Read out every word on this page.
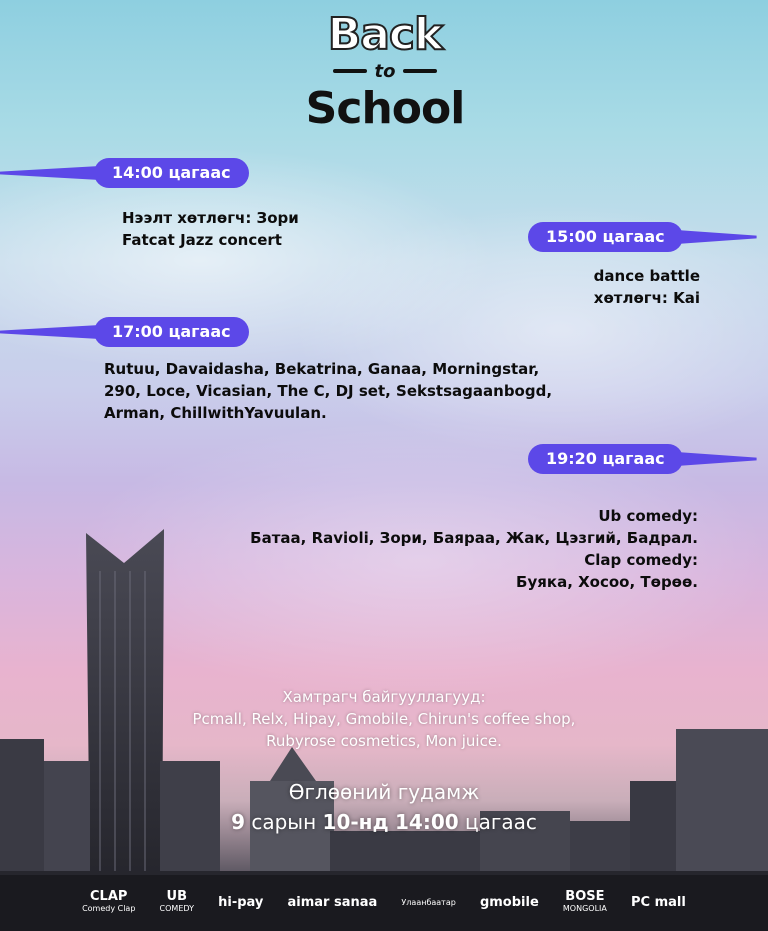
Back
to
School
14:00 цагаас
Нээлт хөтлөгч: Зори
Fatcat Jazz concert	15:00 цагаас
dance battle
хөтлөгч: Kai
17:00 цагаас
Rutuu, Davaidasha, Bekatrina, Ganaa, Morningstar,
290, Loce, Vicasian, The C, DJ set, Sekstsagaanbogd,
Arman, ChillwithYavuulan.
19:20 цагаас
Ub comedy:
Батаа, Ravioli, Зори, Баяраа, Жак, Цэзгий, Бадрал.
Clap comedy:
Буяка, Хосоо, Төрөө.
Хамтрагч байгууллагууд:
Pcmall, Relx, Hipay, Gmobile, Chirun's coffee shop,
Rubyrose cosmetics, Mon juice.
Өглөөний гудамж
9 сарын 10-нд 14:00 цагаас
CLAP
Comedy Clap
UB
COMEDY hi-pay aimar sanaa	Улаанбаатар gmobile BOSE
MONGOLIA PC mall
